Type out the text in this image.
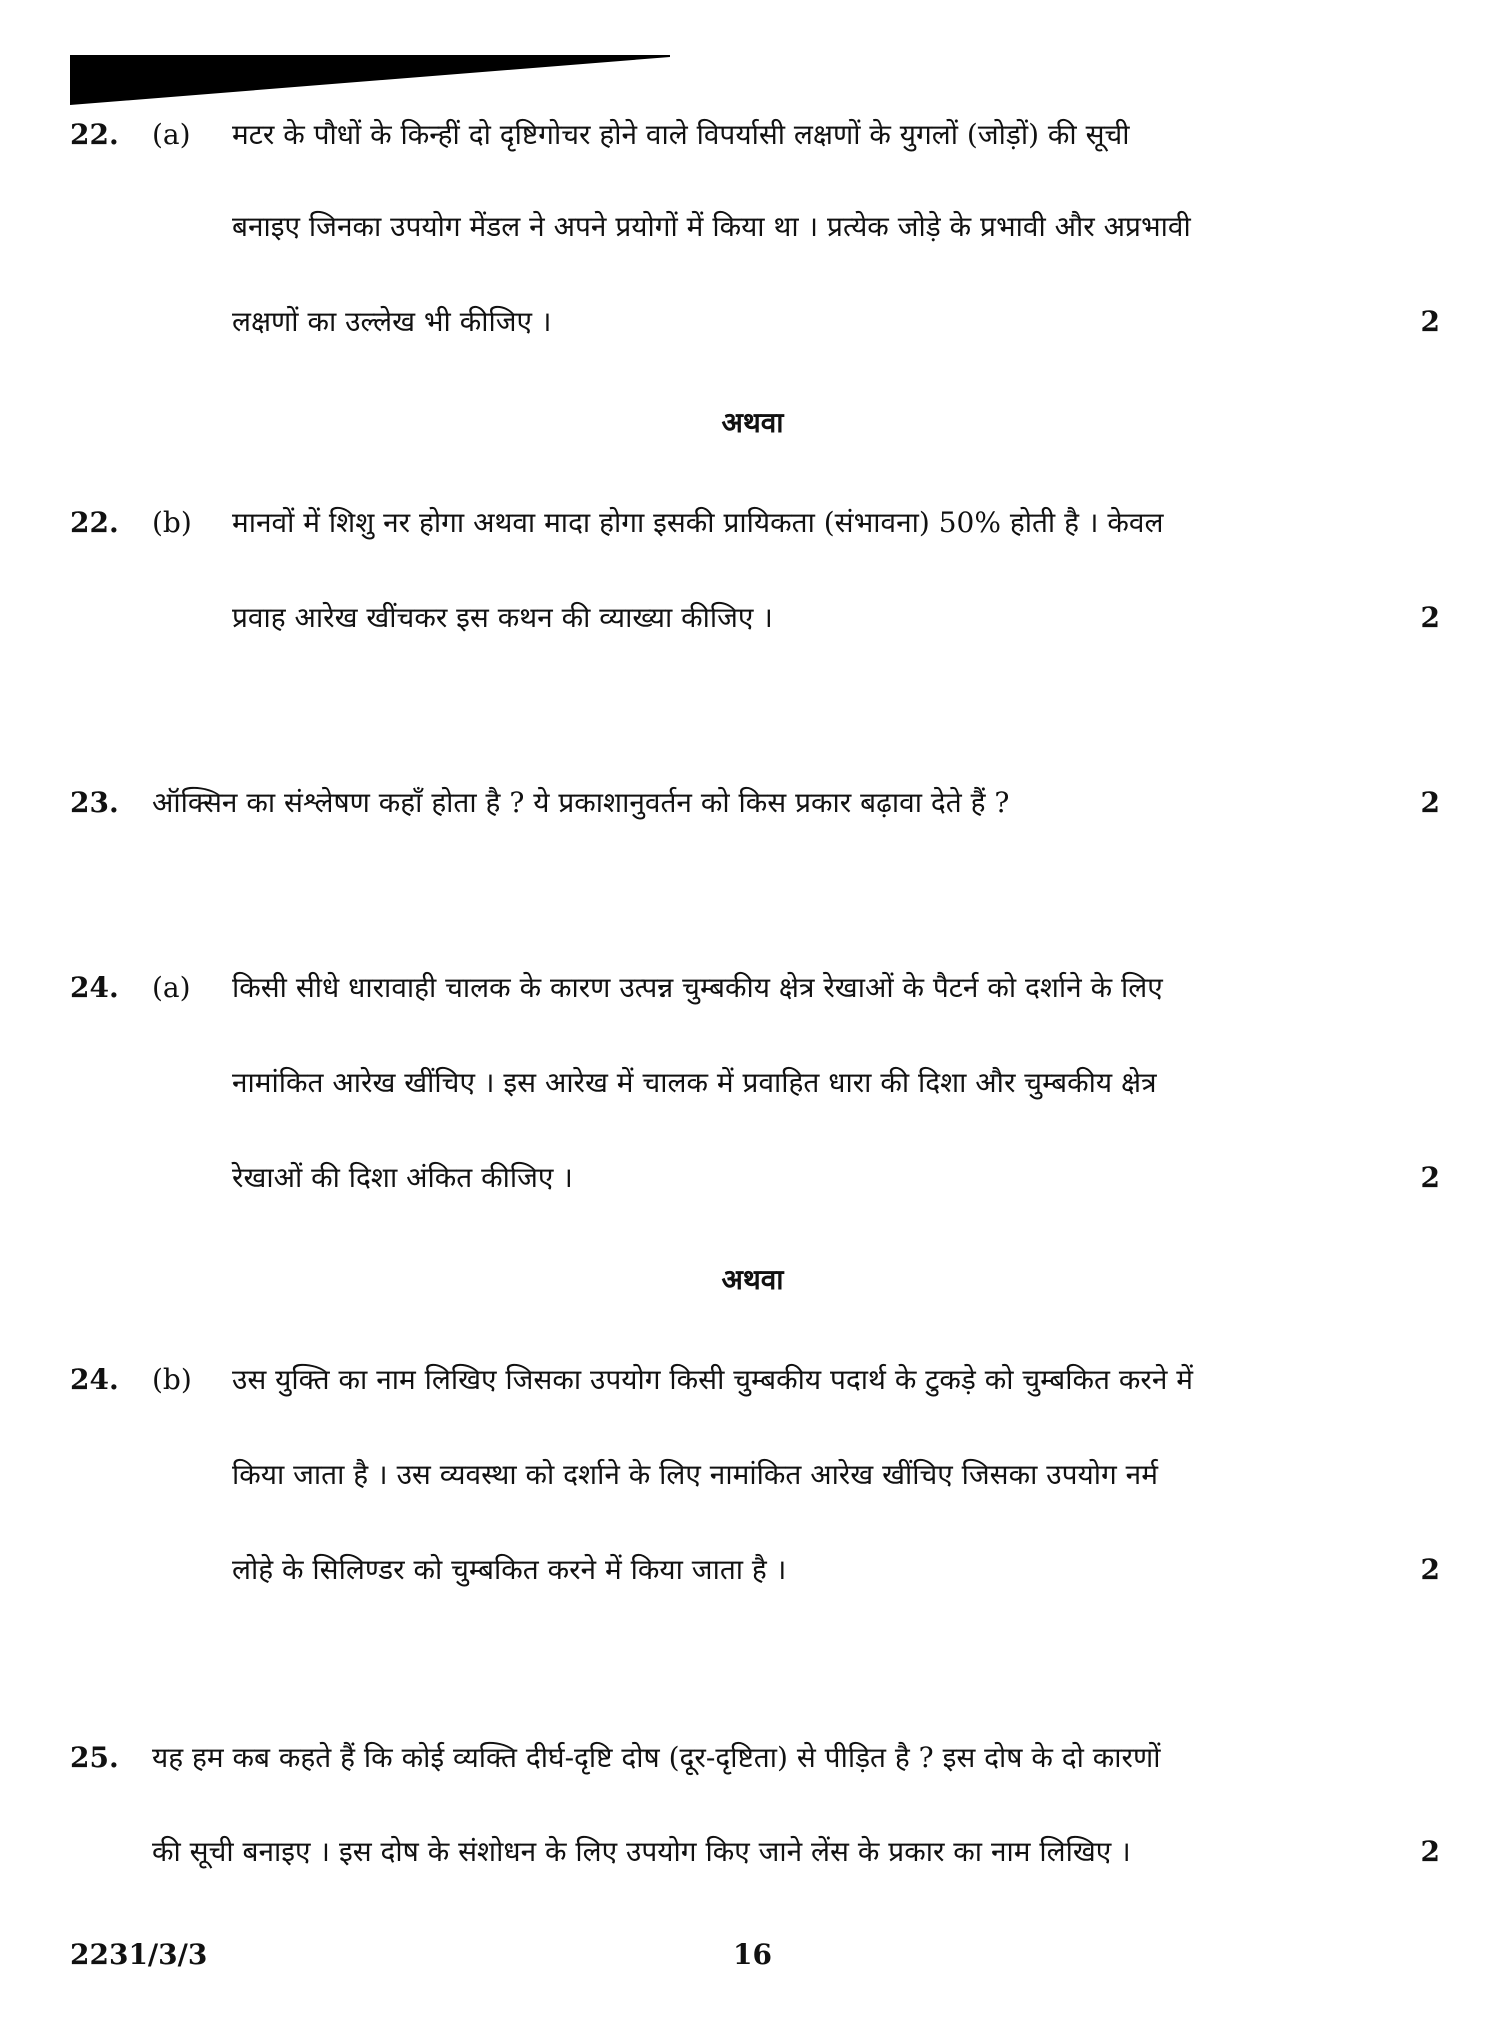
22. (a) मटर के पौधों के किन्हीं दो दृष्टिगोचर होने वाले विपर्यासी लक्षणों के युगलों (जोड़ों) की सूची
बनाइए जिनका उपयोग मेंडल ने अपने प्रयोगों में किया था । प्रत्येक जोड़े के प्रभावी और अप्रभावी
लक्षणों का उल्लेख भी कीजिए ।	2
अथवा
22. (b) मानवों में शिशु नर होगा अथवा मादा होगा इसकी प्रायिकता (संभावना) 50% होती है । केवल
प्रवाह आरेख खींचकर इस कथन की व्याख्या कीजिए ।	2
23. ऑक्सिन का संश्लेषण कहाँ होता है ? ये प्रकाशानुवर्तन को किस प्रकार बढ़ावा देते हैं ?	2
24. (a) किसी सीधे धारावाही चालक के कारण उत्पन्न चुम्बकीय क्षेत्र रेखाओं के पैटर्न को दर्शाने के लिए
नामांकित आरेख खींचिए । इस आरेख में चालक में प्रवाहित धारा की दिशा और चुम्बकीय क्षेत्र
रेखाओं की दिशा अंकित कीजिए ।	2
अथवा
24. (b) उस युक्ति का नाम लिखिए जिसका उपयोग किसी चुम्बकीय पदार्थ के टुकड़े को चुम्बकित करने में
किया जाता है । उस व्यवस्था को दर्शाने के लिए नामांकित आरेख खींचिए जिसका उपयोग नर्म
लोहे के सिलिण्डर को चुम्बकित करने में किया जाता है ।	2
25. यह हम कब कहते हैं कि कोई व्यक्ति दीर्घ-दृष्टि दोष (दूर-दृष्टिता) से पीड़ित है ? इस दोष के दो कारणों
की सूची बनाइए । इस दोष के संशोधन के लिए उपयोग किए जाने लेंस के प्रकार का नाम लिखिए ।	2
2231/3/3	16
